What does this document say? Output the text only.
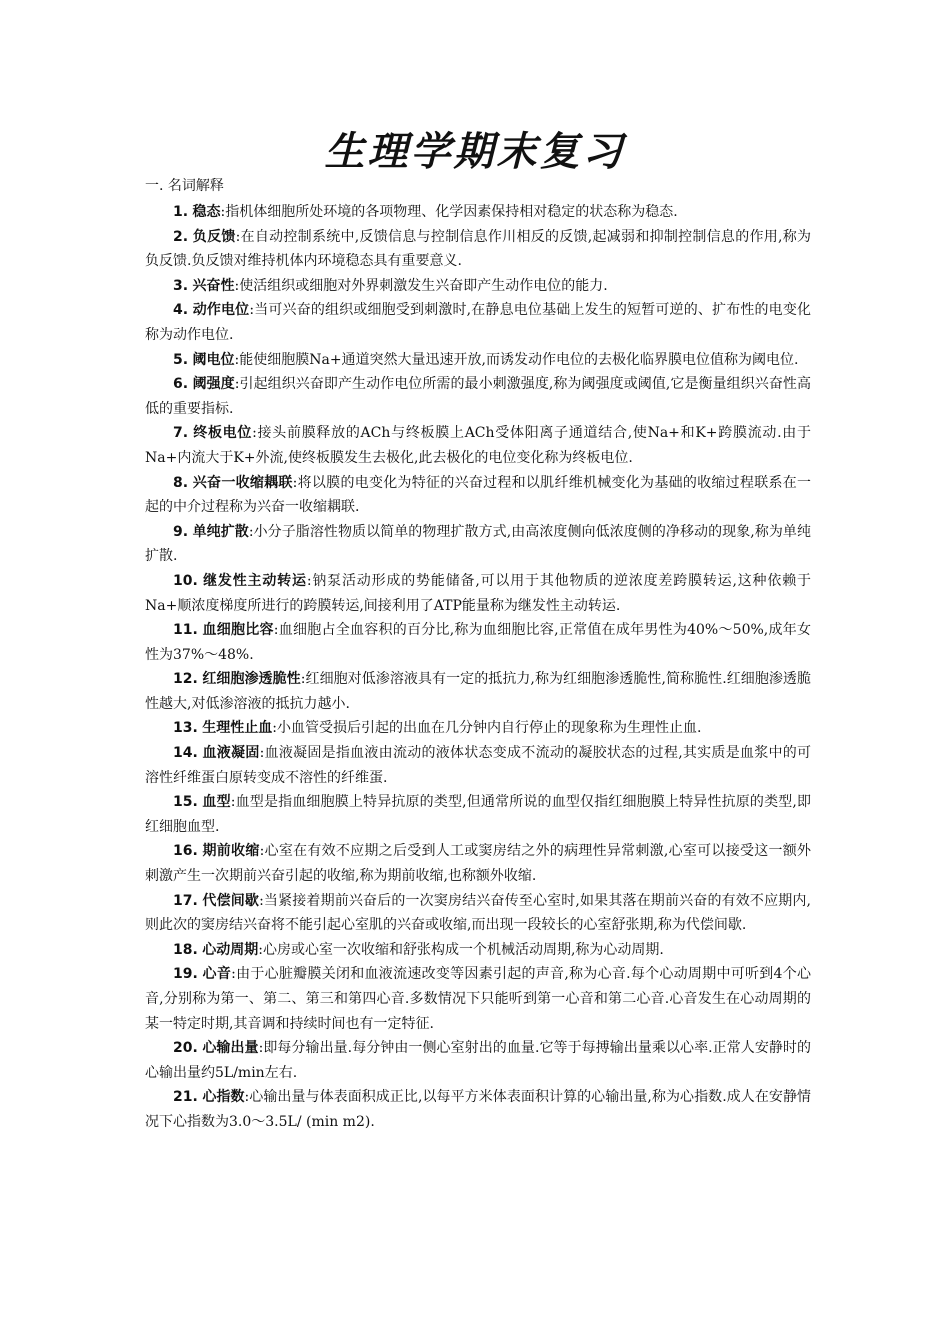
生理学期末复习
一. 名词解释

1. 稳态:指机体细胞所处环境的各项物理、化学因素保持相对稳定的状态称为稳态.

2. 负反馈:在自动控制系统中,反馈信息与控制信息作川相反的反馈,起减弱和抑制控制信息的作用,称为负反馈.负反馈对维持机体内环境稳态具有重要意义.

3. 兴奋性:使活组织或细胞对外界刺激发生兴奋即产生动作电位的能力.

4. 动作电位:当可兴奋的组织或细胞受到刺激时,在静息电位基础上发生的短暂可逆的、扩布性的电变化称为动作电位.

5. 阈电位:能使细胞膜Na+通道突然大量迅速开放,而诱发动作电位的去极化临界膜电位值称为阈电位.

6. 阈强度:引起组织兴奋即产生动作电位所需的最小刺激强度,称为阈强度或阈值,它是衡量组织兴奋性高低的重要指标.

7. 终板电位:接头前膜释放的ACh与终板膜上ACh受体阳离子通道结合,使Na+和K+跨膜流动.由于Na+内流大于K+外流,使终板膜发生去极化,此去极化的电位变化称为终板电位.

8. 兴奋一收缩耦联:将以膜的电变化为特征的兴奋过程和以肌纤维机械变化为基础的收缩过程联系在一起的中介过程称为兴奋一收缩耦联.

9. 单纯扩散:小分子脂溶性物质以简单的物理扩散方式,由高浓度侧向低浓度侧的净移动的现象,称为单纯扩散.

10. 继发性主动转运:钠泵活动形成的势能储备,可以用于其他物质的逆浓度差跨膜转运,这种依赖于Na+顺浓度梯度所进行的跨膜转运,间接利用了ATP能量称为继发性主动转运.

11. 血细胞比容:血细胞占全血容积的百分比,称为血细胞比容,正常值在成年男性为40%～50%,成年女性为37%～48%.

12. 红细胞渗透脆性:红细胞对低渗溶液具有一定的抵抗力,称为红细胞渗透脆性,简称脆性.红细胞渗透脆性越大,对低渗溶液的抵抗力越小.

13. 生理性止血:小血管受损后引起的出血在几分钟内自行停止的现象称为生理性止血.

14. 血液凝固:血液凝固是指血液由流动的液体状态变成不流动的凝胶状态的过程,其实质是血浆中的可溶性纤维蛋白原转变成不溶性的纤维蛋.

15. 血型:血型是指血细胞膜上特异抗原的类型,但通常所说的血型仅指红细胞膜上特异性抗原的类型,即红细胞血型.

16. 期前收缩:心室在有效不应期之后受到人工或窦房结之外的病理性异常刺激,心室可以接受这一额外刺激产生一次期前兴奋引起的收缩,称为期前收缩,也称额外收缩.

17. 代偿间歇:当紧接着期前兴奋后的一次窦房结兴奋传至心室时,如果其落在期前兴奋的有效不应期内,则此次的窦房结兴奋将不能引起心室肌的兴奋或收缩,而出现一段较长的心室舒张期,称为代偿间歇.

18. 心动周期:心房或心室一次收缩和舒张构成一个机械活动周期,称为心动周期.

19. 心音:由于心脏瓣膜关闭和血液流速改变等因素引起的声音,称为心音.每个心动周期中可听到4个心音,分别称为第一、第二、第三和第四心音.多数情况下只能听到第一心音和第二心音.心音发生在心动周期的某一特定时期,其音调和持续时间也有一定特征.

20. 心输出量:即每分输出量.每分钟由一侧心室射出的血量.它等于每搏输出量乘以心率.正常人安静时的心输出量约5L/min左右.

21. 心指数:心输出量与体表面积成正比,以每平方米体表面积计算的心输出量,称为心指数.成人在安静情况下心指数为3.0～3.5L/ (min m2).
